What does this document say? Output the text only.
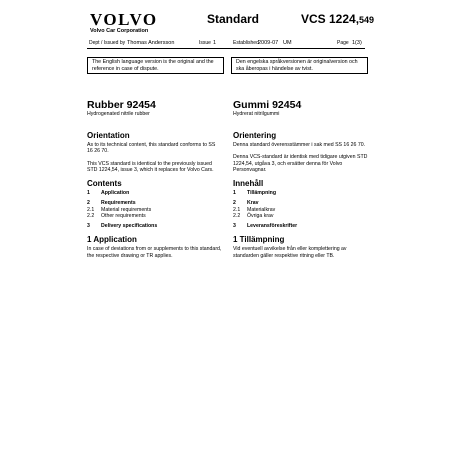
VOLVO
Volvo Car Corporation
Standard	VCS 1224,549
Dept / Issued by Thomas Andersson	Issue 1	Established 2009-07 UM	Page 1(3)
The English language version is the original and the reference in case of dispute.
Den engelska språkversionen är originalversion och ska åberopas i händelse av tvist.

Rubber 92454

Hydrogenated nitrile rubber

Orientation

As to its technical content, this standard conforms to SS 16 26 70.

This VCS standard is identical to the previously issued STD 1224,54, issue 3, which it replaces for Volvo Cars.

Contents

1	Application
2	Requirements
2.1	Material requirements
2.2	Other requirements
3	Delivery specifications

1 Application

In case of deviations from or supplements to this standard, the respective drawing or TR applies.

Gummi 92454

Hydrerat nitrilgummi

Orientering

Denna standard överensstämmer i sak med SS 16 26 70.

Denna VCS-standard är identisk med tidigare utgiven STD 1224,54, utgåva 3, och ersätter denna för Volvo Personvagnar.

Innehåll

1	Tillämpning
2	Krav
2.1	Materialkrav
2.2	Övriga krav
3	Leveransföreskrifter

1 Tillämpning

Vid eventuell avvikelse från eller komplettering av standarden gäller respektive ritning eller TB.
